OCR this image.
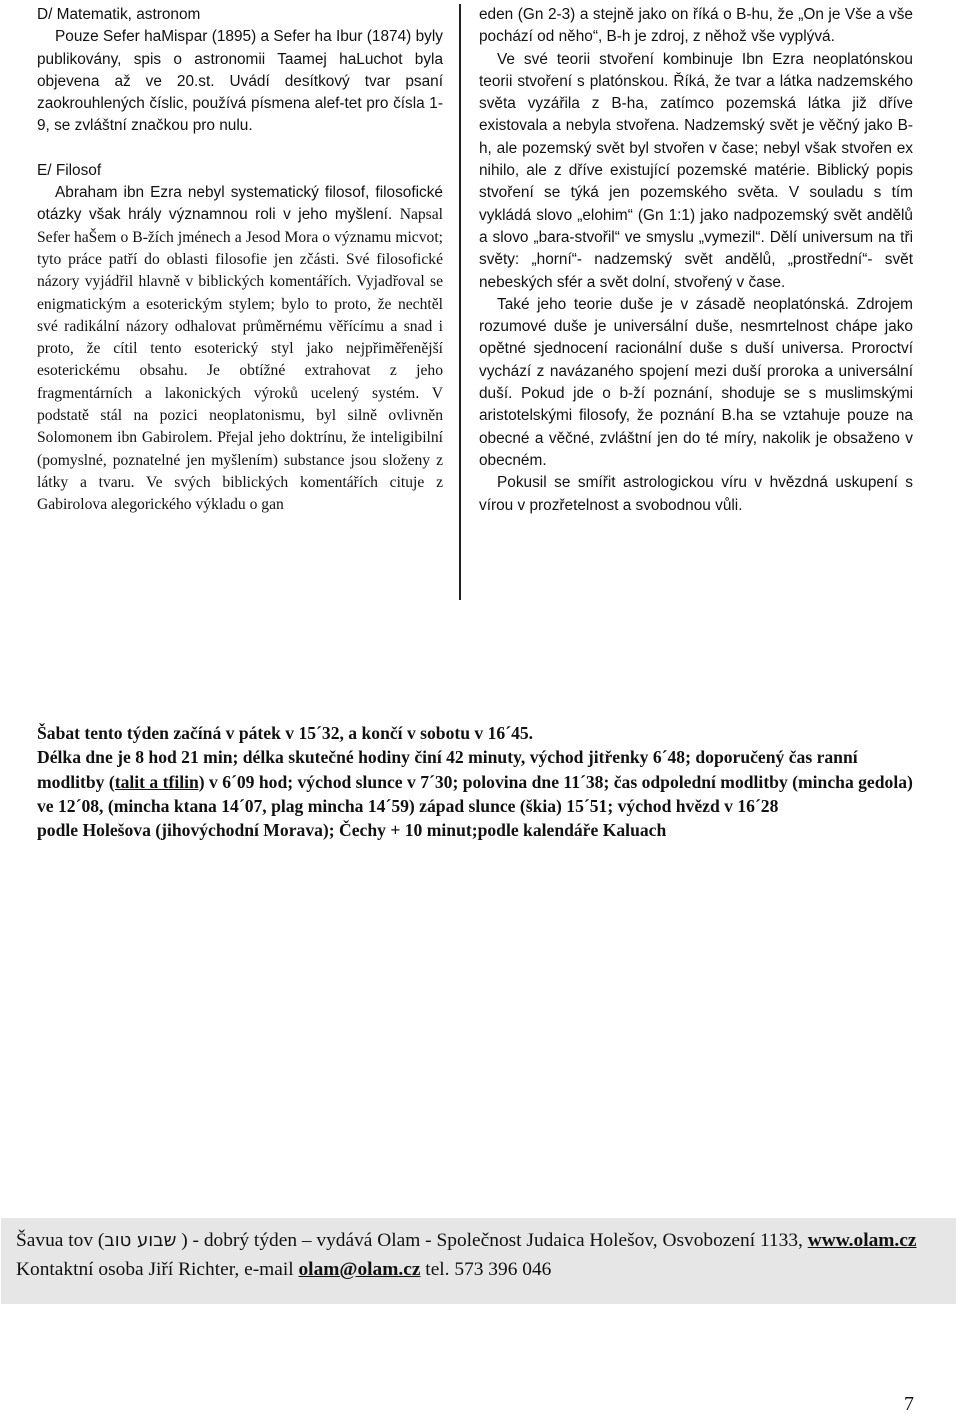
D/ Matematik, astronom

Pouze Sefer haMispar (1895) a Sefer ha Ibur (1874) byly publikovány, spis o astronomii Taamej haLuchot byla objevena až ve 20.st. Uvádí desítkový tvar psaní zaokrouhlených číslic, používá písmena alef-tet pro čísla 1-9, se zvláštní značkou pro nulu.

E/ Filosof

Abraham ibn Ezra nebyl systematický filosof, filosofické otázky však hrály významnou roli v jeho myšlení. Napsal Sefer haŠem o B-žích jménech a Jesod Mora o významu micvot; tyto práce patří do oblasti filosofie jen zčásti. Své filosofické názory vyjádřil hlavně v biblických komentářích. Vyjadřoval se enigmatickým a esoterickým stylem; bylo to proto, že nechtěl své radikální názory odhalovat průměrnému věřícímu a snad i proto, že cítil tento esoterický styl jako nejpřiměřenější esoterickému obsahu. Je obtížné extrahovat z jeho fragmentárních a lakonických výroků ucelený systém. V podstatě stál na pozici neoplatonismu, byl silně ovlivněn Solomonem ibn Gabirolem. Přejal jeho doktrínu, že inteligibilní (pomyslné, poznatelné jen myšlením) substance jsou složeny z látky a tvaru. Ve svých biblických komentářích cituje z Gabirolova alegorického výkladu o gan

eden (Gn 2-3) a stejně jako on říká o B-hu, že „On je Vše a vše pochází od něho“, B-h je zdroj, z něhož vše vyplývá.

Ve své teorii stvoření kombinuje Ibn Ezra neoplatónskou teorii stvoření s platónskou. Říká, že tvar a látka nadzemského světa vyzářila z B-ha, zatímco pozemská látka již dříve existovala a nebyla stvořena. Nadzemský svět je věčný jako B-h, ale pozemský svět byl stvořen v čase; nebyl však stvořen ex nihilo, ale z dříve existující pozemské matérie. Biblický popis stvoření se týká jen pozemského světa. V souladu s tím vykládá slovo „elohim“ (Gn 1:1) jako nadpozemský svět andělů a slovo „bara-stvořil“ ve smyslu „vymezil“. Dělí universum na tři světy: „horní“- nadzemský svět andělů, „prostřední“- svět nebeských sfér a svět dolní, stvořený v čase.

Také jeho teorie duše je v zásadě neoplatónská. Zdrojem rozumové duše je universální duše, nesmrtelnost chápe jako opětné sjednocení racionální duše s duší universa. Proroctví vychází z navázaného spojení mezi duší proroka a universální duší. Pokud jde o b-ží poznání, shoduje se s muslimskými aristotelskými filosofy, že poznání B.ha se vztahuje pouze na obecné a věčné, zvláštní jen do té míry, nakolik je obsaženo v obecném.

Pokusil se smířit astrologickou víru v hvězdná uskupení s vírou v prozřetelnost a svobodnou vůli.

Šabat tento týden začíná v pátek v 15´32, a končí v sobotu v 16´45.

Délka dne je 8 hod 21 min; délka skutečné hodiny činí 42 minuty, východ jitřenky 6´48; doporučený čas ranní modlitby (talit a tfilin) v 6´09 hod; východ slunce v 7´30; polovina dne 11´38; čas odpolední modlitby (mincha gedola) ve 12´08, (mincha ktana 14´07, plag mincha 14´59) západ slunce (škia) 15´51; východ hvězd v 16´28

podle Holešova (jihovýchodní Morava); Čechy + 10 minut;podle kalendáře Kaluach

Šavua tov (שבוע טוב ) - dobrý týden – vydává Olam - Společnost Judaica Holešov, Osvobození 1133, www.olam.cz Kontaktní osoba Jiří Richter, e-mail olam@olam.cz tel. 573 396 046
7
